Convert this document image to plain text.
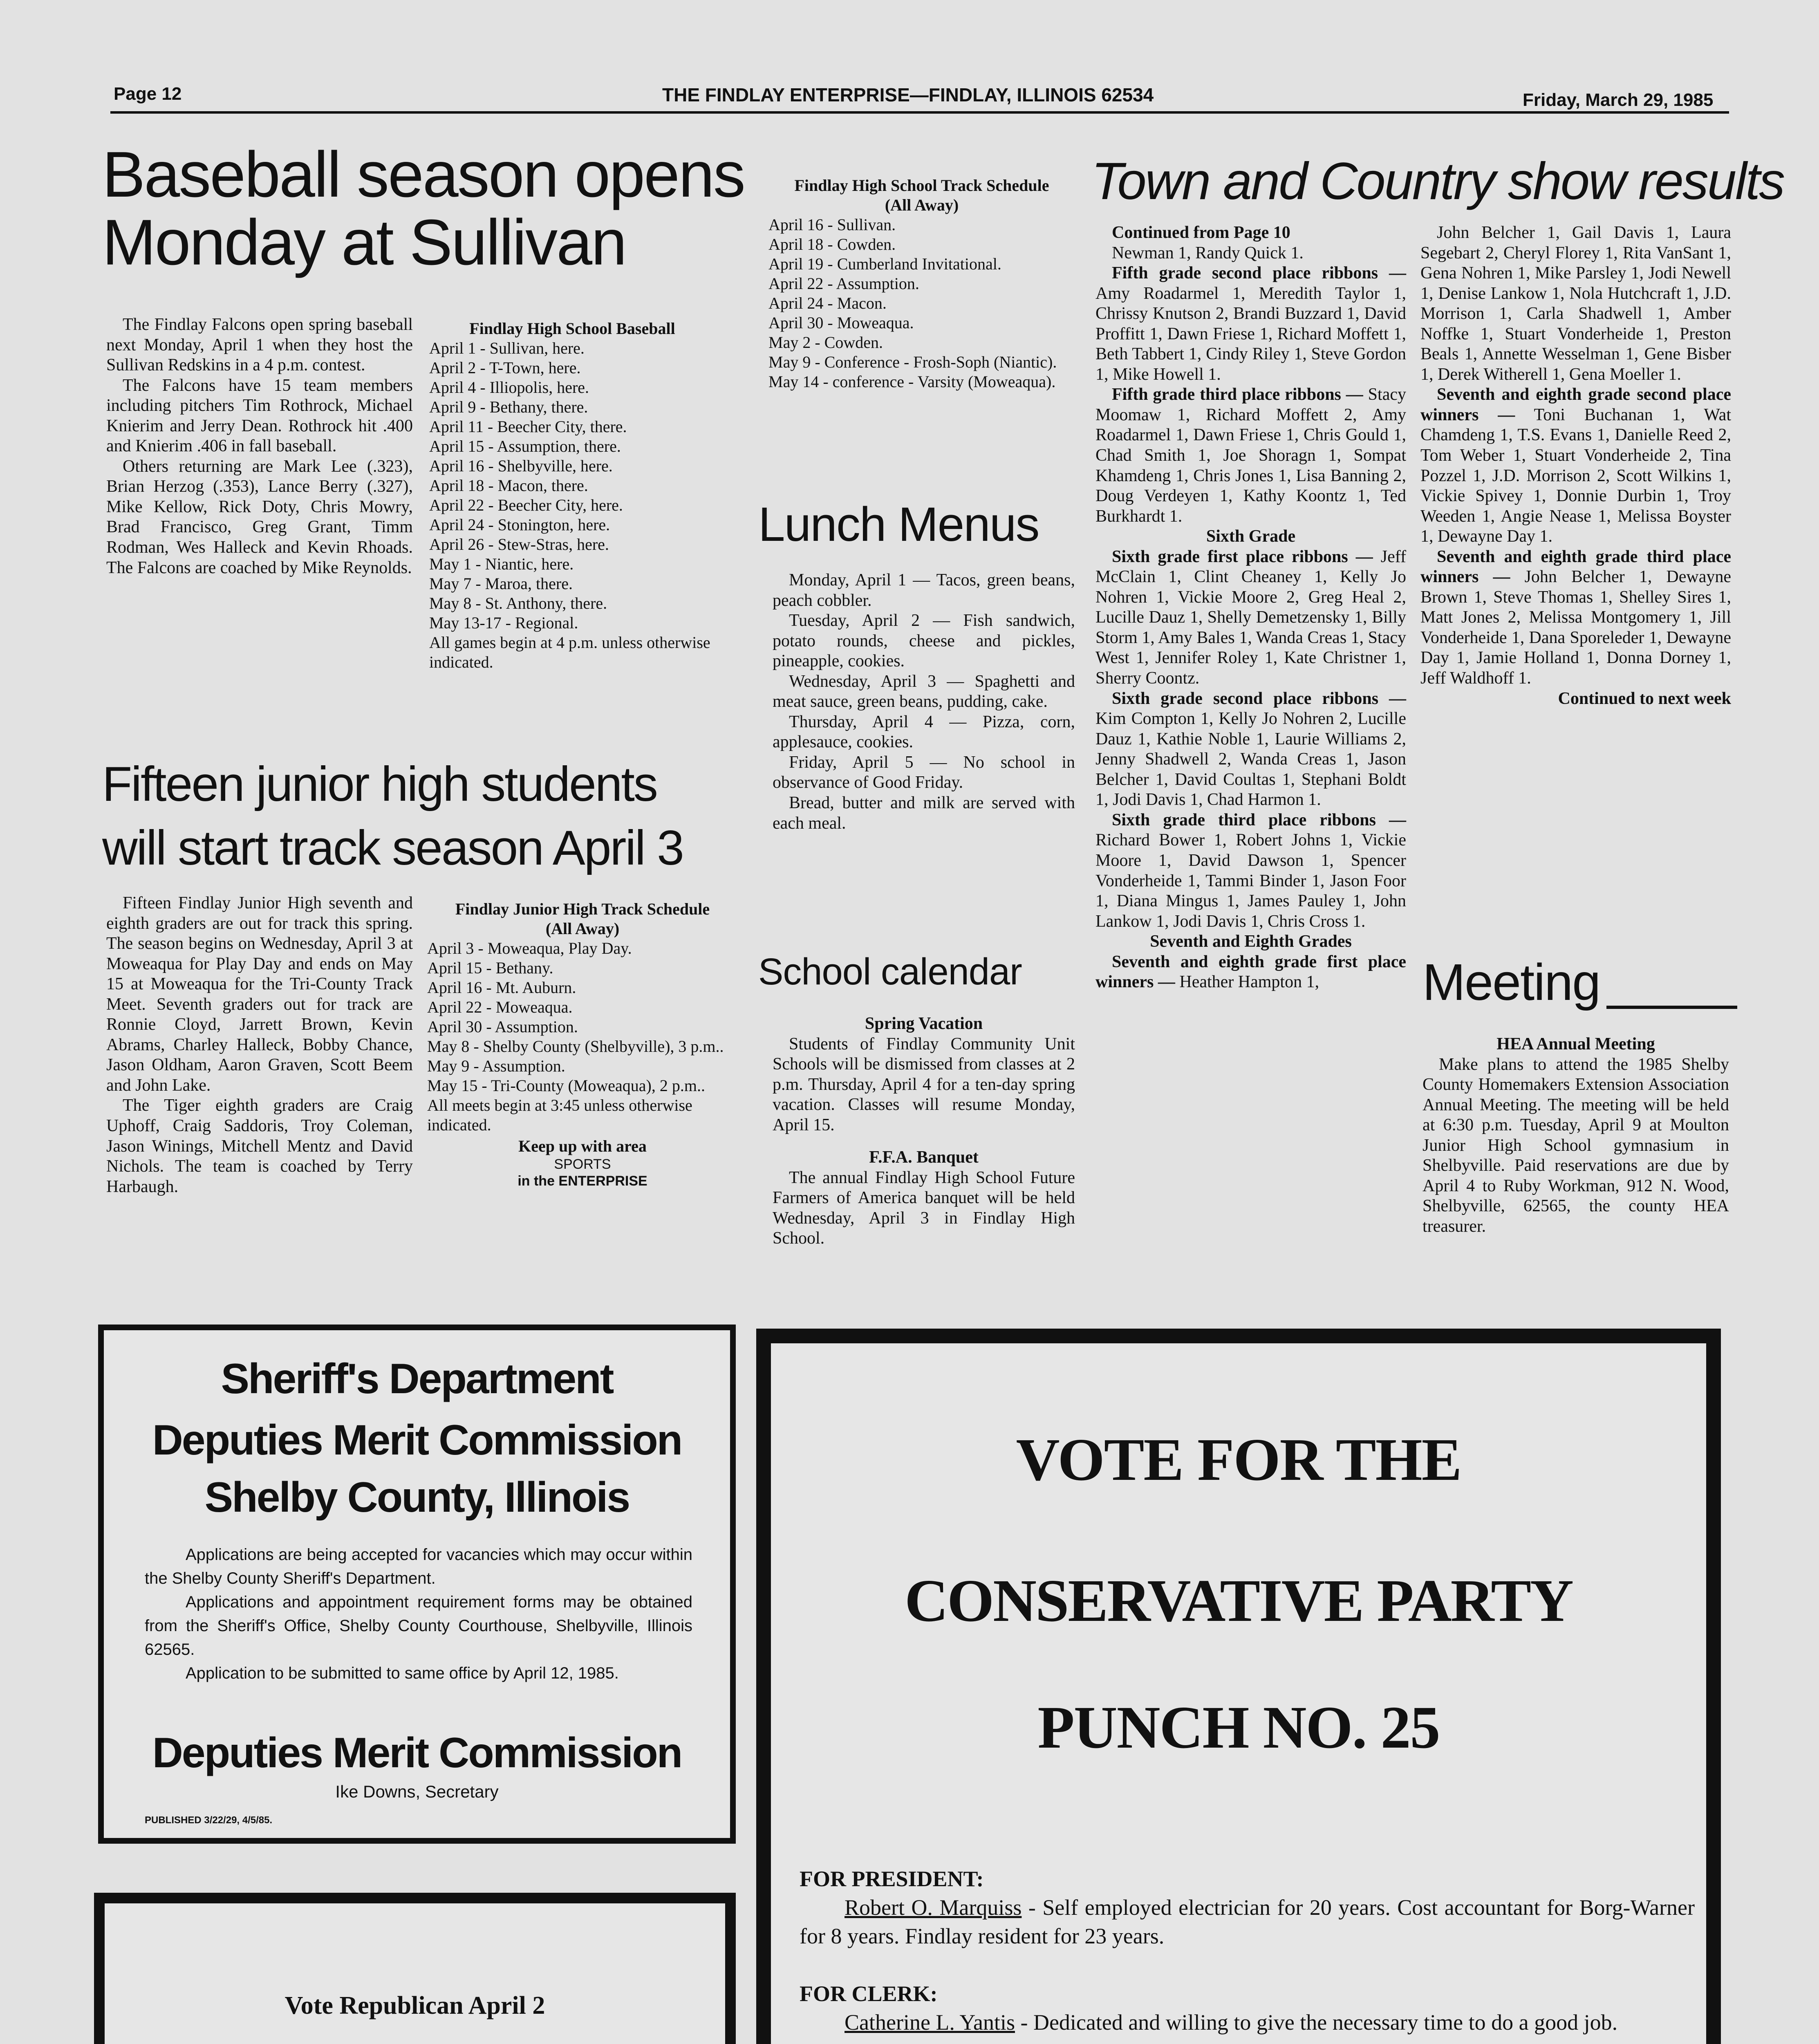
Page 12	THE FINDLAY ENTERPRISE—FINDLAY, ILLINOIS 62534	Friday, March 29, 1985
Baseball season opens
Monday at Sullivan

The Findlay Falcons open spring baseball next Monday, April 1 when they host the Sullivan Redskins in a 4 p.m. contest.

The Falcons have 15 team members including pitchers Tim Rothrock, Michael Knierim and Jerry Dean. Rothrock hit .400 and Knierim .406 in fall baseball.

Others returning are Mark Lee (.323), Brian Herzog (.353), Lance Berry (.327), Mike Kellow, Rick Doty, Chris Mowry, Brad Francisco, Greg Grant, Timm Rodman, Wes Halleck and Kevin Rhoads. The Falcons are coached by Mike Reynolds.

Findlay High School Baseball
April 1 - Sullivan, here.
April 2 - T-Town, here.
April 4 - Illiopolis, here.
April 9 - Bethany, there.
April 11 - Beecher City, there.
April 15 - Assumption, there.
April 16 - Shelbyville, here.
April 18 - Macon, there.
April 22 - Beecher City, here.
April 24 - Stonington, here.
April 26 - Stew-Stras, here.
May 1 - Niantic, here.
May 7 - Maroa, there.
May 8 - St. Anthony, there.
May 13-17 - Regional.
All games begin at 4 p.m. unless otherwise indicated.
Fifteen junior high students
will start track season April 3

Fifteen Findlay Junior High seventh and eighth graders are out for track this spring. The season begins on Wednesday, April 3 at Moweaqua for Play Day and ends on May 15 at Moweaqua for the Tri-County Track Meet. Seventh graders out for track are Ronnie Cloyd, Jarrett Brown, Kevin Abrams, Charley Halleck, Bobby Chance, Jason Oldham, Aaron Graven, Scott Beem and John Lake.

The Tiger eighth graders are Craig Uphoff, Craig Saddoris, Troy Coleman, Jason Winings, Mitchell Mentz and David Nichols. The team is coached by Terry Harbaugh.

Findlay Junior High Track Schedule
(All Away)
April 3 - Moweaqua, Play Day.
April 15 - Bethany.
April 16 - Mt. Auburn.
April 22 - Moweaqua.
April 30 - Assumption.
May 8 - Shelby County (Shelbyville), 3 p.m..
May 9 - Assumption.
May 15 - Tri-County (Moweaqua), 2 p.m..
All meets begin at 3:45 unless otherwise indicated.
Keep up with area
SPORTS
in the ENTERPRISE
Findlay High School Track Schedule
(All Away)
April 16 - Sullivan.
April 18 - Cowden.
April 19 - Cumberland Invitational.
April 22 - Assumption.
April 24 - Macon.
April 30 - Moweaqua.
May 2 - Cowden.
May 9 - Conference - Frosh-Soph (Niantic).
May 14 - conference - Varsity (Moweaqua).
Lunch Menus

Monday, April 1 — Tacos, green beans, peach cobbler.

Tuesday, April 2 — Fish sandwich, potato rounds, cheese and pickles, pineapple, cookies.

Wednesday, April 3 — Spaghetti and meat sauce, green beans, pudding, cake.

Thursday, April 4 — Pizza, corn, applesauce, cookies.

Friday, April 5 — No school in observance of Good Friday.

Bread, butter and milk are served with each meal.

School calendar
Spring Vacation

Students of Findlay Community Unit Schools will be dismissed from classes at 2 p.m. Thursday, April 4 for a ten-day spring vacation. Classes will resume Monday, April 15.

F.F.A. Banquet

The annual Findlay High School Future Farmers of America banquet will be held Wednesday, April 3 in Findlay High School.

Town and Country show results

Continued from Page 10

Newman 1, Randy Quick 1.

Fifth grade second place ribbons — Amy Roadarmel 1, Meredith Taylor 1, Chrissy Knutson 2, Brandi Buzzard 1, David Proffitt 1, Dawn Friese 1, Richard Moffett 1, Beth Tabbert 1, Cindy Riley 1, Steve Gordon 1, Mike Howell 1.

Fifth grade third place ribbons — Stacy Moomaw 1, Richard Moffett 2, Amy Roadarmel 1, Dawn Friese 1, Chris Gould 1, Chad Smith 1, Joe Shoragn 1, Sompat Khamdeng 1, Chris Jones 1, Lisa Banning 2, Doug Verdeyen 1, Kathy Koontz 1, Ted Burkhardt 1.

Sixth Grade

Sixth grade first place ribbons — Jeff McClain 1, Clint Cheaney 1, Kelly Jo Nohren 1, Vickie Moore 2, Greg Heal 2, Lucille Dauz 1, Shelly Demetzensky 1, Billy Storm 1, Amy Bales 1, Wanda Creas 1, Stacy West 1, Jennifer Roley 1, Kate Christner 1, Sherry Coontz.

Sixth grade second place ribbons — Kim Compton 1, Kelly Jo Nohren 2, Lucille Dauz 1, Kathie Noble 1, Laurie Williams 2, Jenny Shadwell 2, Wanda Creas 1, Jason Belcher 1, David Coultas 1, Stephani Boldt 1, Jodi Davis 1, Chad Harmon 1.

Sixth grade third place ribbons — Richard Bower 1, Robert Johns 1, Vickie Moore 1, David Dawson 1, Spencer Vonderheide 1, Tammi Binder 1, Jason Foor 1, Diana Mingus 1, James Pauley 1, John Lankow 1, Jodi Davis 1, Chris Cross 1.

Seventh and Eighth Grades

Seventh and eighth grade first place winners — Heather Hampton 1,

John Belcher 1, Gail Davis 1, Laura Segebart 2, Cheryl Florey 1, Rita VanSant 1, Gena Nohren 1, Mike Parsley 1, Jodi Newell 1, Denise Lankow 1, Nola Hutchcraft 1, J.D. Morrison 1, Carla Shadwell 1, Amber Noffke 1, Stuart Vonderheide 1, Preston Beals 1, Annette Wesselman 1, Gene Bisber 1, Derek Witherell 1, Gena Moeller 1.

Seventh and eighth grade second place winners — Toni Buchanan 1, Wat Chamdeng 1, T.S. Evans 1, Danielle Reed 2, Tom Weber 1, Stuart Vonderheide 2, Tina Pozzel 1, J.D. Morrison 2, Scott Wilkins 1, Vickie Spivey 1, Donnie Durbin 1, Troy Weeden 1, Angie Nease 1, Melissa Boyster 1, Dewayne Day 1.

Seventh and eighth grade third place winners — John Belcher 1, Dewayne Brown 1, Steve Thomas 1, Shelley Sires 1, Matt Jones 2, Melissa Montgomery 1, Jill Vonderheide 1, Dana Sporeleder 1, Dewayne Day 1, Jamie Holland 1, Donna Dorney 1, Jeff Waldhoff 1.

Continued to next week

Meeting
HEA Annual Meeting

Make plans to attend the 1985 Shelby County Homemakers Extension Association Annual Meeting. The meeting will be held at 6:30 p.m. Tuesday, April 9 at Moulton Junior High School gymnasium in Shelbyville. Paid reservations are due by April 4 to Ruby Workman, 912 N. Wood, Shelbyville, 62565, the county HEA treasurer.

Sheriff's Department
Deputies Merit Commission
Shelby County, Illinois
Applications are being accepted for vacancies which may occur within the Shelby County Sheriff's Department.
Applications and appointment requirement forms may be obtained from the Sheriff's Office, Shelby County Courthouse, Shelbyville, Illinois 62565.
Application to be submitted to same office by April 12, 1985.
Deputies Merit Commission
Ike Downs, Secretary
PUBLISHED 3/22/29, 4/5/85.
Vote Republican April 2
VOTE FOR THE
CONSERVATIVE PARTY
PUNCH NO. 25
FOR PRESIDENT:
Robert O. Marquiss - Self employed electrician for 20 years. Cost accountant for Borg-Warner for 8 years. Findlay resident for 23 years.
FOR CLERK:
Catherine L. Yantis - Dedicated and willing to give the necessary time to do a good job.
